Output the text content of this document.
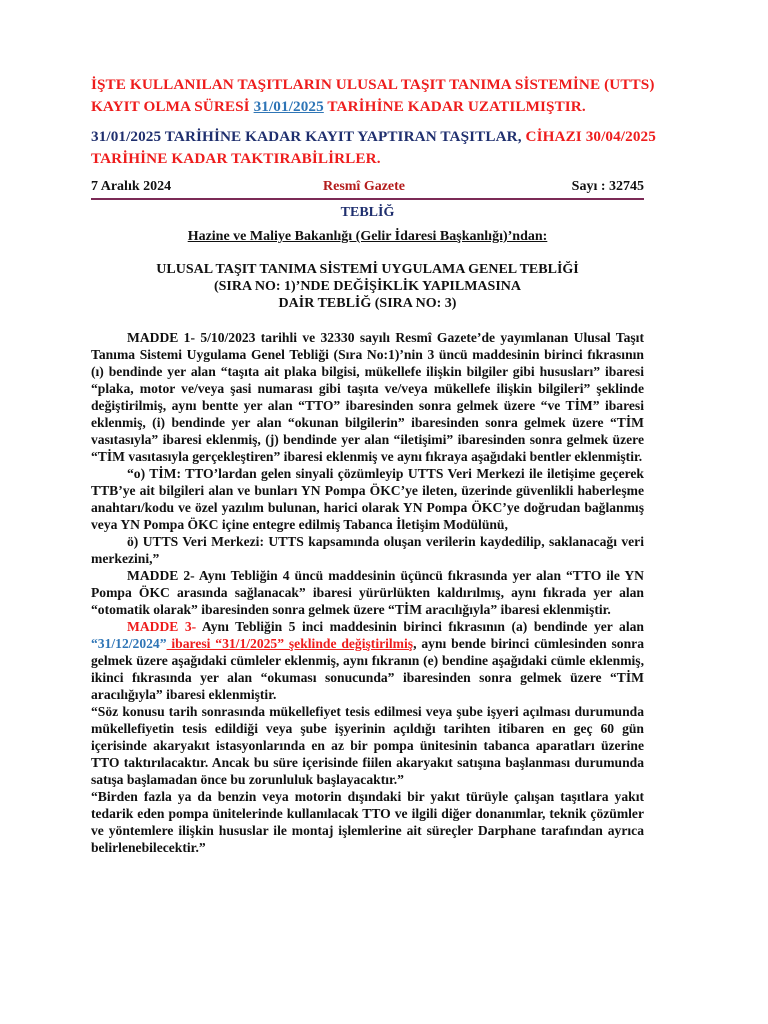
İŞTE KULLANILAN TAŞITLARIN ULUSAL TAŞIT TANIMA SİSTEMİNE (UTTS) KAYIT OLMA SÜRESİ 31/01/2025 TARİHİNE KADAR UZATILMIŞTIR.
31/01/2025 TARİHİNE KADAR KAYIT YAPTIRAN TAŞITLAR, CİHAZI 30/04/2025 TARİHİNE KADAR TAKTIRABİLİRLER.
7 Aralık 2024	Resmî Gazete	Sayı : 32745
TEBLİĞ
Hazine ve Maliye Bakanlığı (Gelir İdaresi Başkanlığı)’ndan:
ULUSAL TAŞIT TANIMA SİSTEMİ UYGULAMA GENEL TEBLİĞİ
(SIRA NO: 1)’NDE DEĞİŞİKLİK YAPILMASINA
DAİR TEBLİĞ (SIRA NO: 3)

MADDE 1- 5/10/2023 tarihli ve 32330 sayılı Resmî Gazete’de yayımlanan Ulusal Taşıt Tanıma Sistemi Uygulama Genel Tebliği (Sıra No:1)’nin 3 üncü maddesinin birinci fıkrasının (ı) bendinde yer alan “taşıta ait plaka bilgisi, mükellefe ilişkin bilgiler gibi hususları” ibaresi “plaka, motor ve/veya şasi numarası gibi taşıta ve/veya mükellefe ilişkin bilgileri” şeklinde değiştirilmiş, aynı bentte yer alan “TTO” ibaresinden sonra gelmek üzere “ve TİM” ibaresi eklenmiş, (i) bendinde yer alan “okunan bilgilerin” ibaresinden sonra gelmek üzere “TİM vasıtasıyla” ibaresi eklenmiş, (j) bendinde yer alan “iletişimi” ibaresinden sonra gelmek üzere “TİM vasıtasıyla gerçekleştiren” ibaresi eklenmiş ve aynı fıkraya aşağıdaki bentler eklenmiştir.

“o) TİM: TTO’lardan gelen sinyali çözümleyip UTTS Veri Merkezi ile iletişime geçerek TTB’ye ait bilgileri alan ve bunları YN Pompa ÖKC’ye ileten, üzerinde güvenlikli haberleşme anahtarı/kodu ve özel yazılım bulunan, harici olarak YN Pompa ÖKC’ye doğrudan bağlanmış veya YN Pompa ÖKC içine entegre edilmiş Tabanca İletişim Modülünü,

ö) UTTS Veri Merkezi: UTTS kapsamında oluşan verilerin kaydedilip, saklanacağı veri merkezini,”

MADDE 2- Aynı Tebliğin 4 üncü maddesinin üçüncü fıkrasında yer alan “TTO ile YN Pompa ÖKC arasında sağlanacak” ibaresi yürürlükten kaldırılmış, aynı fıkrada yer alan “otomatik olarak” ibaresinden sonra gelmek üzere “TİM aracılığıyla” ibaresi eklenmiştir.

MADDE 3- Aynı Tebliğin 5 inci maddesinin birinci fıkrasının (a) bendinde yer alan “31/12/2024” ibaresi “31/1/2025” şeklinde değiştirilmiş, aynı bende birinci cümlesinden sonra gelmek üzere aşağıdaki cümleler eklenmiş, aynı fıkranın (e) bendine aşağıdaki cümle eklenmiş, ikinci fıkrasında yer alan “okuması sonucunda” ibaresinden sonra gelmek üzere “TİM aracılığıyla” ibaresi eklenmiştir.

“Söz konusu tarih sonrasında mükellefiyet tesis edilmesi veya şube işyeri açılması durumunda mükellefiyetin tesis edildiği veya şube işyerinin açıldığı tarihten itibaren en geç 60 gün içerisinde akaryakıt istasyonlarında en az bir pompa ünitesinin tabanca aparatları üzerine TTO taktırılacaktır. Ancak bu süre içerisinde fiilen akaryakıt satışına başlanması durumunda satışa başlamadan önce bu zorunluluk başlayacaktır.”

“Birden fazla ya da benzin veya motorin dışındaki bir yakıt türüyle çalışan taşıtlara yakıt tedarik eden pompa ünitelerinde kullanılacak TTO ve ilgili diğer donanımlar, teknik çözümler ve yöntemlere ilişkin hususlar ile montaj işlemlerine ait süreçler Darphane tarafından ayrıca belirlenebilecektir.”
